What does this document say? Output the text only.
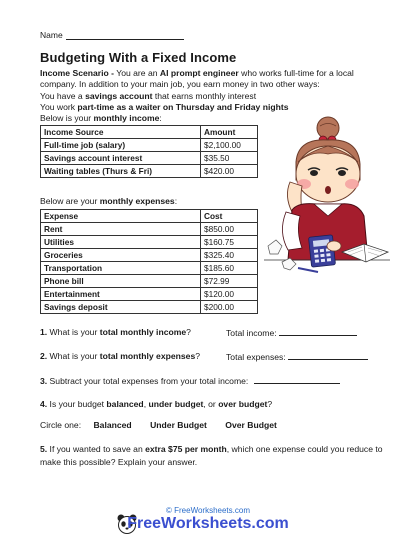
Name
Budgeting With a Fixed Income
Income Scenario - You are an AI prompt engineer who works full-time for a local company. In addition to your main job, you earn money in two other ways:
You have a savings account that earns monthly interest
You work part-time as a waiter on Thursday and Friday nights
Below is your monthly income:
Income Source	Amount
Full-time job (salary)	$2,100.00
Savings account interest	$35.50
Waiting tables (Thurs & Fri)	$420.00
Below are your monthly expenses:
Expense	Cost
Rent	$850.00
Utilities	$160.75
Groceries	$325.40
Transportation	$185.60
Phone bill	$72.99
Entertainment	$120.00
Savings deposit	$200.00
1. What is your total monthly income?	Total income:
2. What is your total monthly expenses?	Total expenses:
3. Subtract your total expenses from your total income:
4. Is your budget balanced, under budget, or over budget?
Circle one: Balanced Under Budget Over Budget
5. If you wanted to save an extra $75 per month, which one expense could you reduce to make this possible? Explain your answer.
© FreeWorksheets.com
FreeWorksheets.com
